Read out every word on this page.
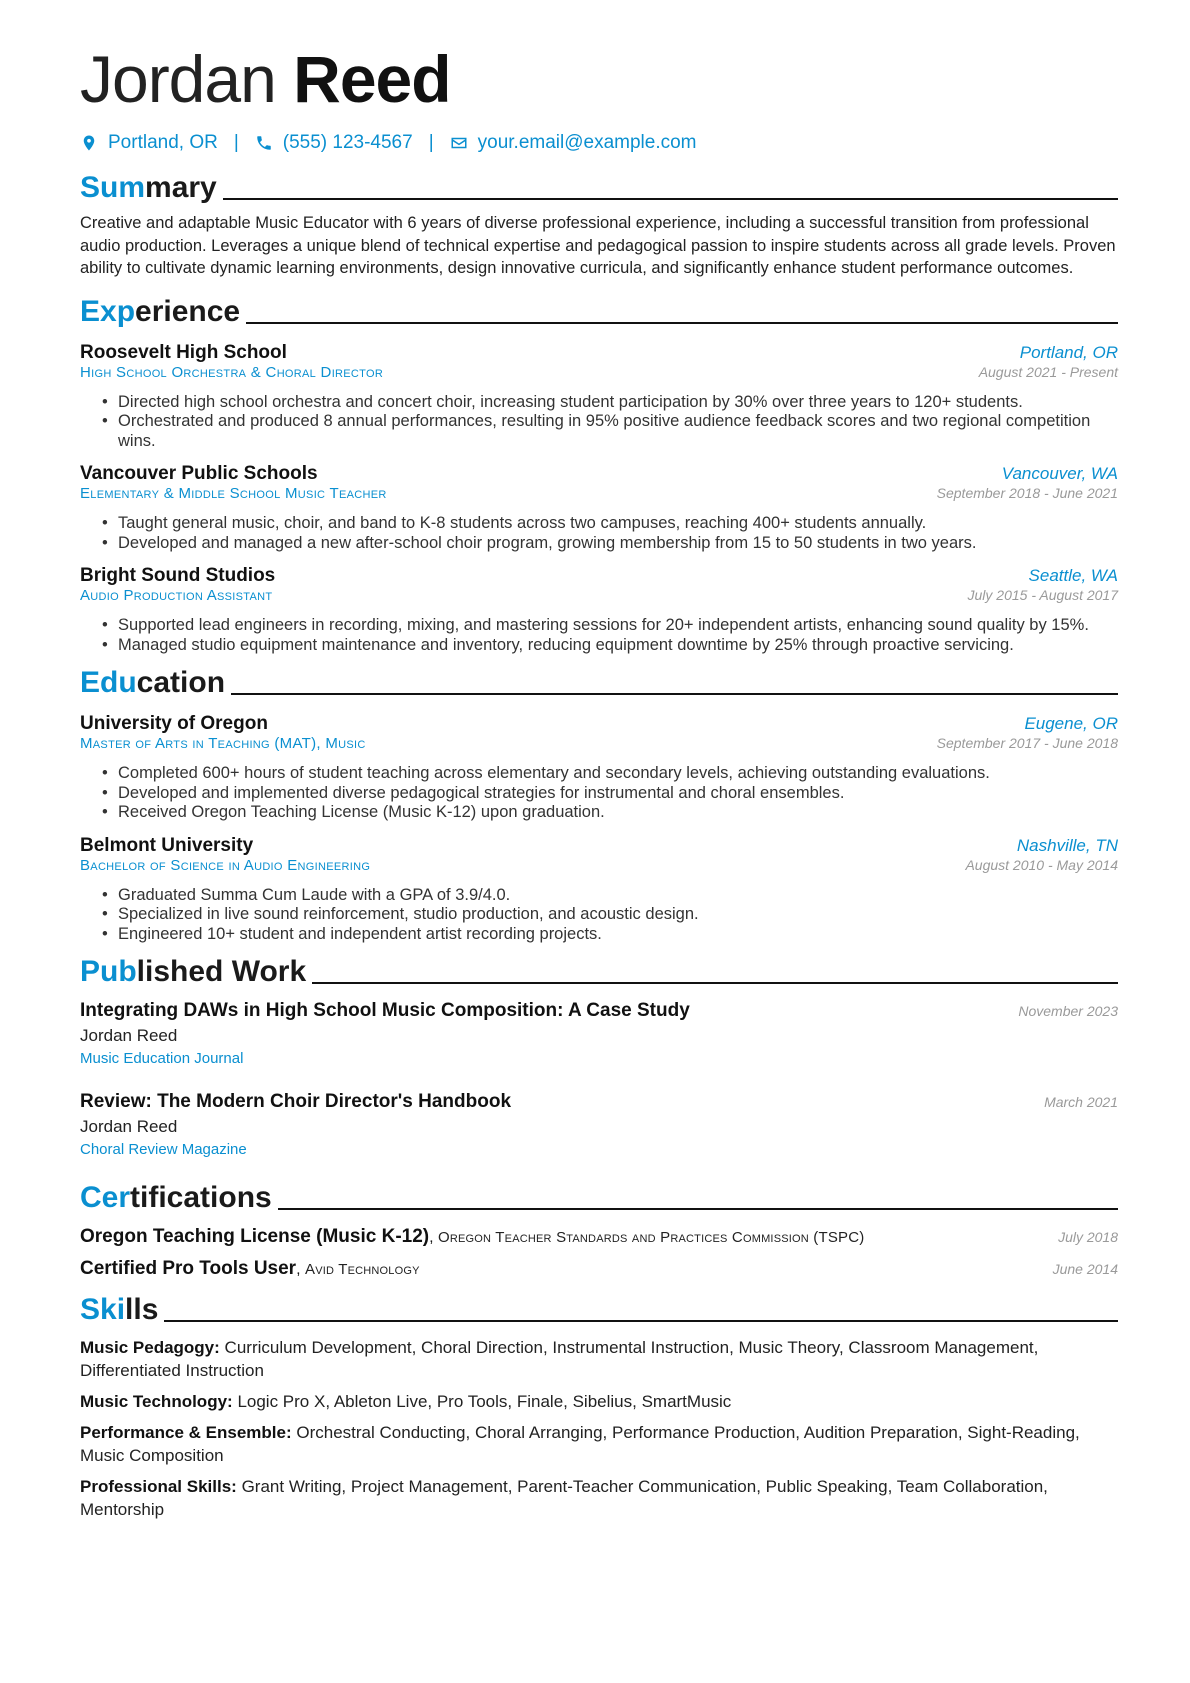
Jordan Reed
Portland, OR | (555) 123-4567 | your.email@example.com
Summary

Creative and adaptable Music Educator with 6 years of diverse professional experience, including a successful transition from professional audio production. Leverages a unique blend of technical expertise and pedagogical passion to inspire students across all grade levels. Proven ability to cultivate dynamic learning environments, design innovative curricula, and significantly enhance student performance outcomes.

Experience
Roosevelt High School	Portland, OR
High School Orchestra & Choral Director	August 2021 - Present
• Directed high school orchestra and concert choir, increasing student participation by 30% over three years to 120+ students.
• Orchestrated and produced 8 annual performances, resulting in 95% positive audience feedback scores and two regional competition wins.
Vancouver Public Schools	Vancouver, WA
Elementary & Middle School Music Teacher	September 2018 - June 2021
• Taught general music, choir, and band to K-8 students across two campuses, reaching 400+ students annually.
• Developed and managed a new after-school choir program, growing membership from 15 to 50 students in two years.
Bright Sound Studios	Seattle, WA
Audio Production Assistant	July 2015 - August 2017
• Supported lead engineers in recording, mixing, and mastering sessions for 20+ independent artists, enhancing sound quality by 15%.
• Managed studio equipment maintenance and inventory, reducing equipment downtime by 25% through proactive servicing.
Education
University of Oregon	Eugene, OR
Master of Arts in Teaching (MAT), Music	September 2017 - June 2018
• Completed 600+ hours of student teaching across elementary and secondary levels, achieving outstanding evaluations.
• Developed and implemented diverse pedagogical strategies for instrumental and choral ensembles.
• Received Oregon Teaching License (Music K-12) upon graduation.
Belmont University	Nashville, TN
Bachelor of Science in Audio Engineering	August 2010 - May 2014
• Graduated Summa Cum Laude with a GPA of 3.9/4.0.
• Specialized in live sound reinforcement, studio production, and acoustic design.
• Engineered 10+ student and independent artist recording projects.
Published Work
Integrating DAWs in High School Music Composition: A Case Study	November 2023
Jordan Reed
Music Education Journal
Review: The Modern Choir Director's Handbook	March 2021
Jordan Reed
Choral Review Magazine
Certifications
Oregon Teaching License (Music K-12), Oregon Teacher Standards and Practices Commission (TSPC)	July 2018
Certified Pro Tools User, Avid Technology	June 2014
Skills

Music Pedagogy: Curriculum Development, Choral Direction, Instrumental Instruction, Music Theory, Classroom Management, Differentiated Instruction

Music Technology: Logic Pro X, Ableton Live, Pro Tools, Finale, Sibelius, SmartMusic

Performance & Ensemble: Orchestral Conducting, Choral Arranging, Performance Production, Audition Preparation, Sight-Reading, Music Composition

Professional Skills: Grant Writing, Project Management, Parent-Teacher Communication, Public Speaking, Team Collaboration, Mentorship
